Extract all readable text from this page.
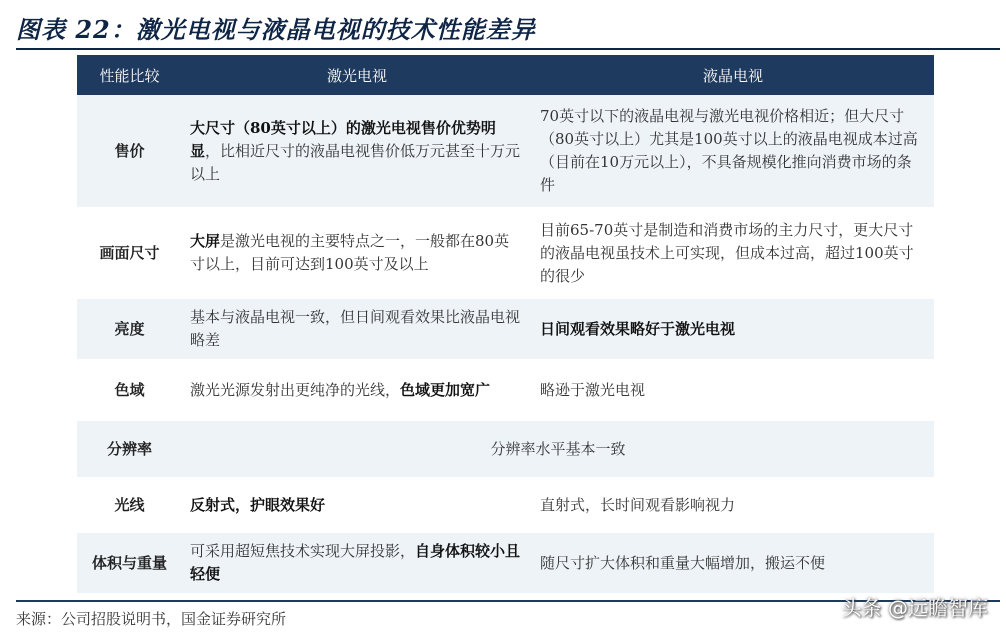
图表 22：激光电视与液晶电视的技术性能差异
性能比较	激光电视	液晶电视
售价	大尺寸（80英寸以上）的激光电视售价优势明显，比相近尺寸的液晶电视售价低万元甚至十万元以上	70英寸以下的液晶电视与激光电视价格相近；但大尺寸（80英寸以上）尤其是100英寸以上的液晶电视成本过高（目前在10万元以上），不具备规模化推向消费市场的条件
画面尺寸	大屏是激光电视的主要特点之一，一般都在80英寸以上，目前可达到100英寸及以上	目前65-70英寸是制造和消费市场的主力尺寸，更大尺寸的液晶电视虽技术上可实现，但成本过高，超过100英寸的很少
亮度	基本与液晶电视一致，但日间观看效果比液晶电视略差	日间观看效果略好于激光电视
色域	激光光源发射出更纯净的光线，色域更加宽广	略逊于激光电视
分辨率	分辨率水平基本一致	
光线	反射式，护眼效果好	直射式，长时间观看影响视力
体积与重量	可采用超短焦技术实现大屏投影，自身体积较小且轻便	随尺寸扩大体积和重量大幅增加，搬运不便
来源：公司招股说明书，国金证券研究所	头条 @远瞻智库
